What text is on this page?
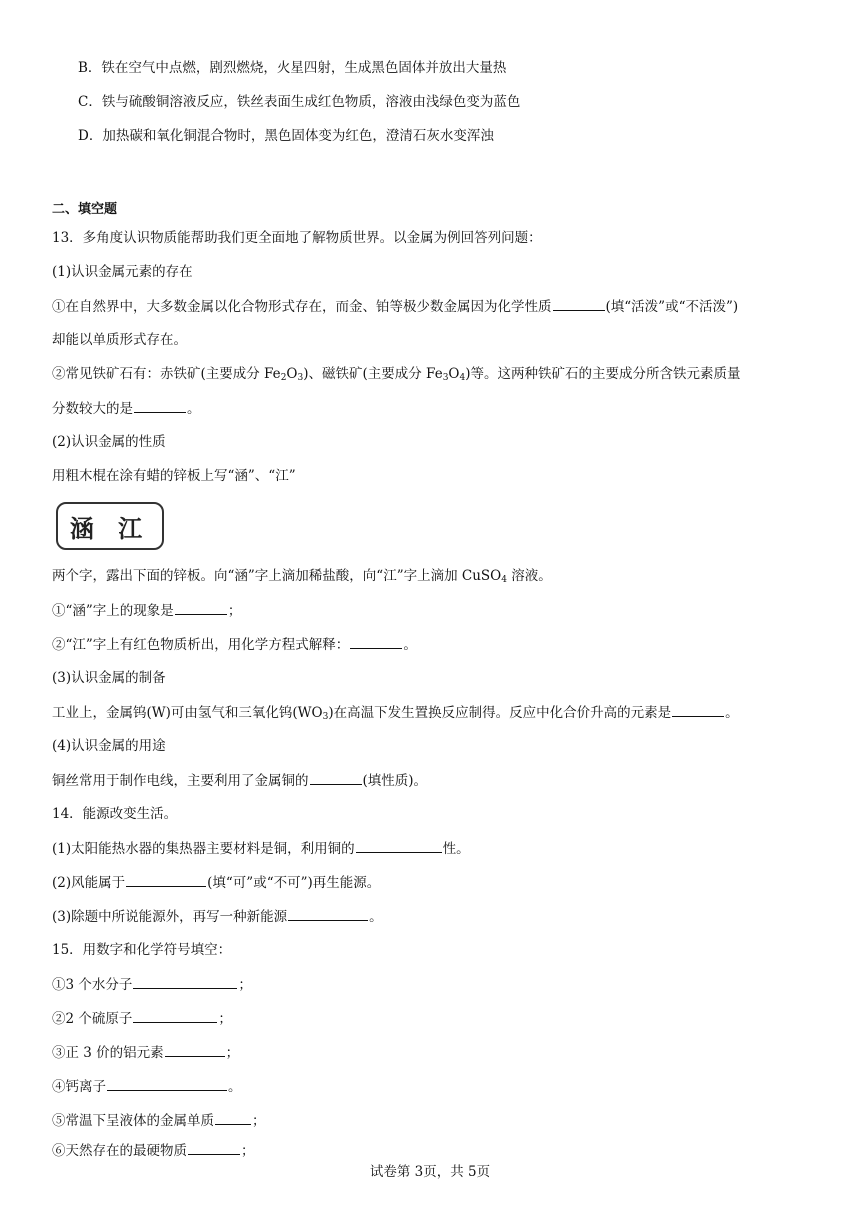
B．铁在空气中点燃，剧烈燃烧，火星四射，生成黑色固体并放出大量热
C．铁与硫酸铜溶液反应，铁丝表面生成红色物质，溶液由浅绿色变为蓝色
D．加热碳和氧化铜混合物时，黑色固体变为红色，澄清石灰水变浑浊
二、填空题
13．多角度认识物质能帮助我们更全面地了解物质世界。以金属为例回答列问题：
(1)认识金属元素的存在
①在自然界中，大多数金属以化合物形式存在，而金、铂等极少数金属因为化学性质	(填“活泼”或“不活泼”)
却能以单质形式存在。
②常见铁矿石有：赤铁矿(主要成分 $Fe_2O_3$)、磁铁矿(主要成分 $Fe_3O_4$)等。这两种铁矿石的主要成分所含铁元素质量
分数较大的是	。
(2)认识金属的性质
用粗木棍在涂有蜡的锌板上写“涵”、“江”
涵 江
两个字，露出下面的锌板。向“涵”字上滴加稀盐酸，向“江”字上滴加 CuSO$_4$ 溶液。
①“涵”字上的现象是	；
②“江”字上有红色物质析出，用化学方程式解释：	。
(3)认识金属的制备
工业上，金属钨(W)可由氢气和三氧化钨$(WO_3)$在高温下发生置换反应制得。反应中化合价升高的元素是	。
(4)认识金属的用途
铜丝常用于制作电线，主要利用了金属铜的	(填性质)。
14．能源改变生活。
(1)太阳能热水器的集热器主要材料是铜，利用铜的	性。
(2)风能属于	(填“可”或“不可”)再生能源。
(3)除题中所说能源外，再写一种新能源	。
15．用数字和化学符号填空：
①3 个水分子	；
②2 个硫原子	；
③正 3 价的铝元素	；
④钙离子	。
⑤常温下呈液体的金属单质	；
⑥天然存在的最硬物质	；
试卷第 3页，共 5页
